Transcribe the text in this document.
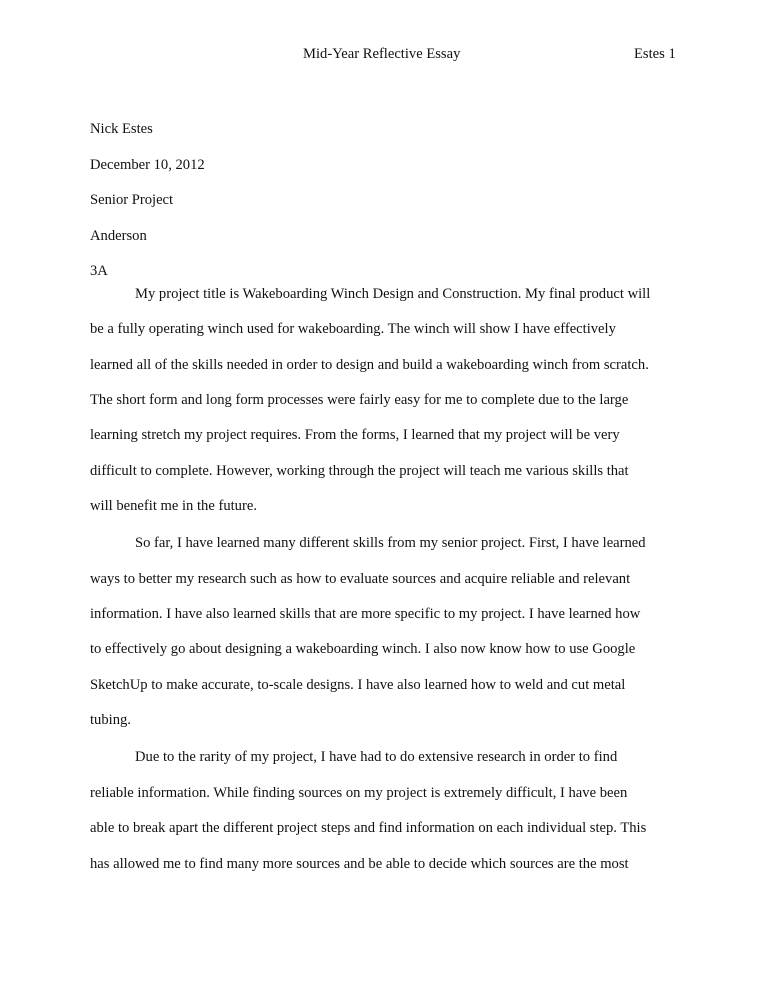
Mid-Year Reflective Essay	Estes 1
Nick Estes
December 10, 2012
Senior Project
Anderson
3A
My project title is Wakeboarding Winch Design and Construction. My final product will
be a fully operating winch used for wakeboarding. The winch will show I have effectively
learned all of the skills needed in order to design and build a wakeboarding winch from scratch.
The short form and long form processes were fairly easy for me to complete due to the large
learning stretch my project requires. From the forms, I learned that my project will be very
difficult to complete. However, working through the project will teach me various skills that
will benefit me in the future.
So far, I have learned many different skills from my senior project. First, I have learned
ways to better my research such as how to evaluate sources and acquire reliable and relevant
information. I have also learned skills that are more specific to my project. I have learned how
to effectively go about designing a wakeboarding winch. I also now know how to use Google
SketchUp to make accurate, to-scale designs. I have also learned how to weld and cut metal
tubing.
Due to the rarity of my project, I have had to do extensive research in order to find
reliable information. While finding sources on my project is extremely difficult, I have been
able to break apart the different project steps and find information on each individual step. This
has allowed me to find many more sources and be able to decide which sources are the most
